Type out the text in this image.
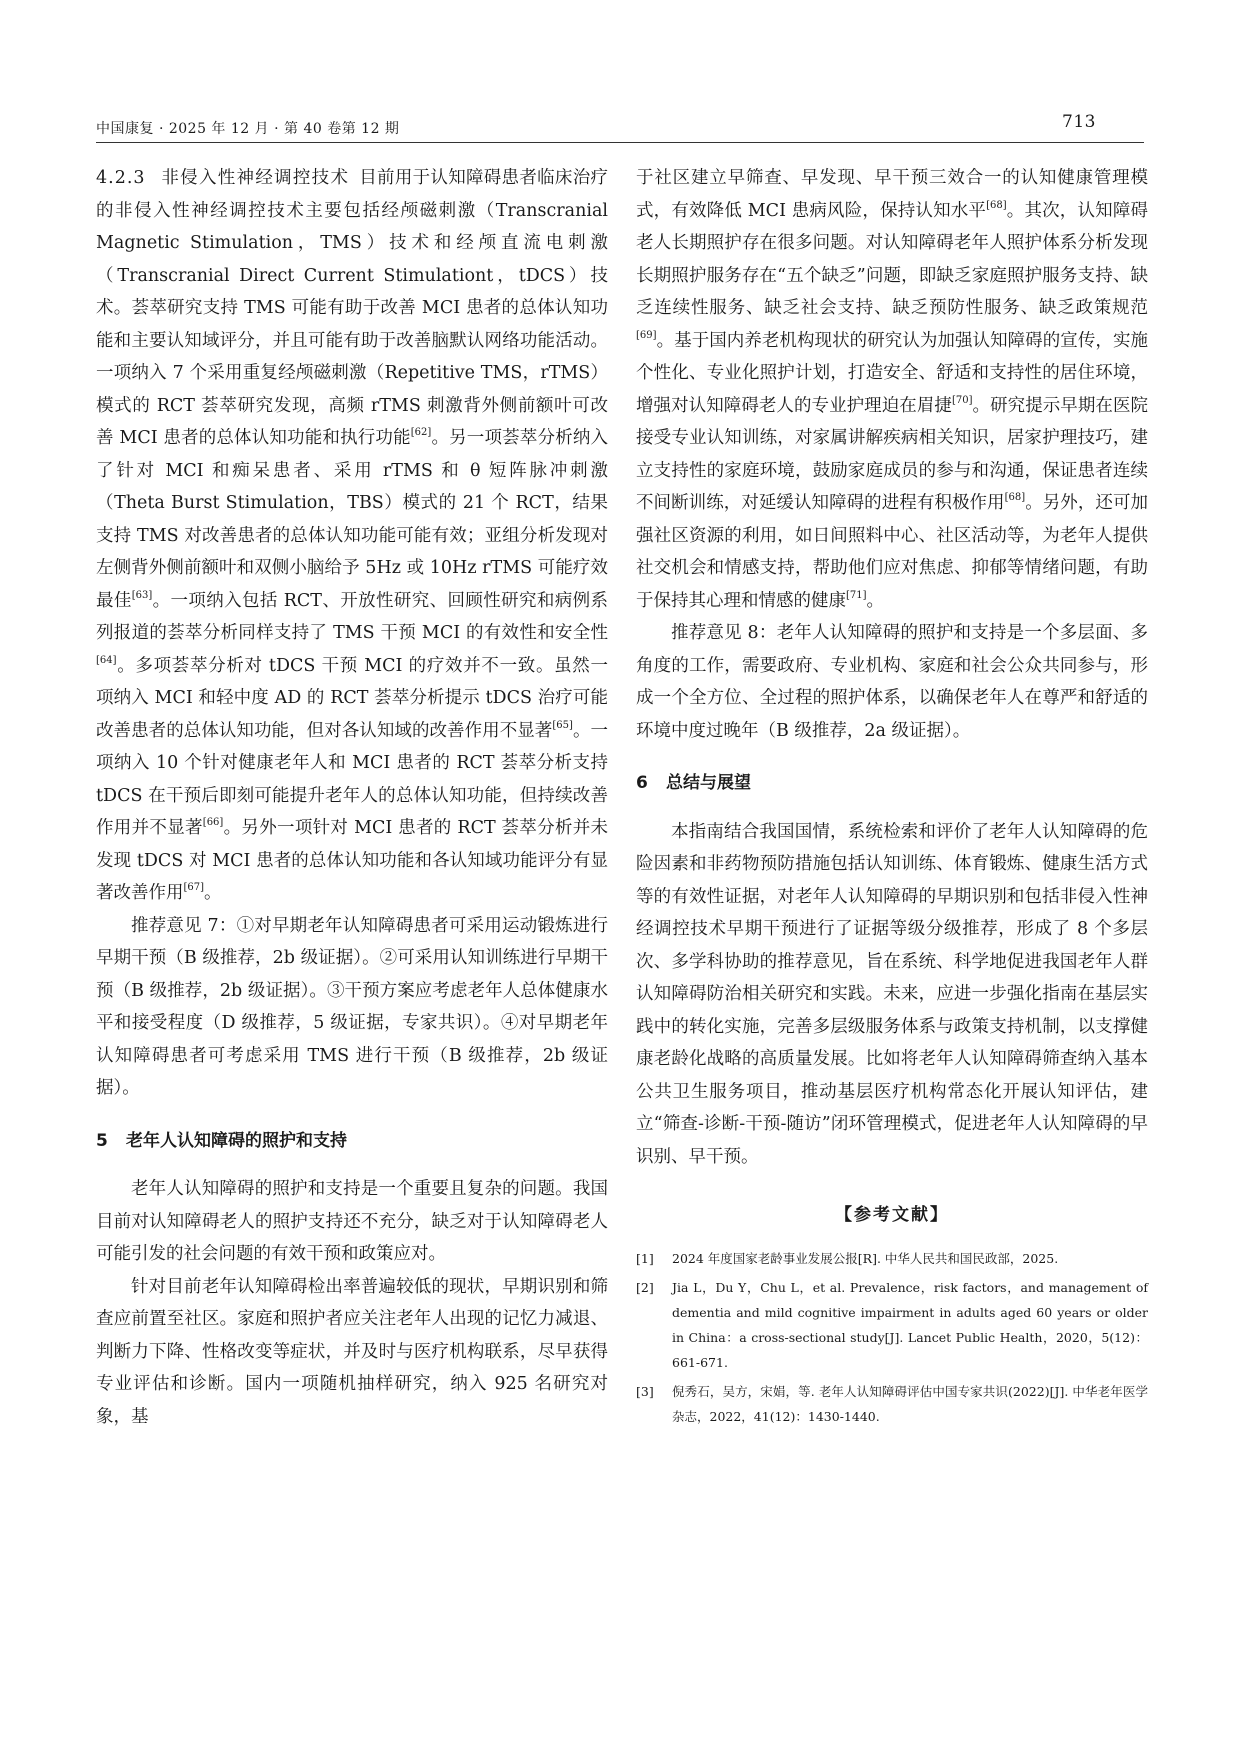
中国康复 · 2025 年 12 月 · 第 40 卷第 12 期	713

4.2.3 非侵入性神经调控技术 目前用于认知障碍患者临床治疗的非侵入性神经调控技术主要包括经颅磁刺激（Transcranial Magnetic Stimulation，TMS）技术和经颅直流电刺激（Transcranial Direct Current Stimulationt，tDCS）技术。荟萃研究支持 TMS 可能有助于改善 MCI 患者的总体认知功能和主要认知域评分，并且可能有助于改善脑默认网络功能活动。一项纳入 7 个采用重复经颅磁刺激（Repetitive TMS，rTMS）模式的 RCT 荟萃研究发现，高频 rTMS 刺激背外侧前额叶可改善 MCI 患者的总体认知功能和执行功能[62]。另一项荟萃分析纳入了针对 MCI 和痴呆患者、采用 rTMS 和 θ 短阵脉冲刺激（Theta Burst Stimulation，TBS）模式的 21 个 RCT，结果支持 TMS 对改善患者的总体认知功能可能有效；亚组分析发现对左侧背外侧前额叶和双侧小脑给予 5Hz 或 10Hz rTMS 可能疗效最佳[63]。一项纳入包括 RCT、开放性研究、回顾性研究和病例系列报道的荟萃分析同样支持了 TMS 干预 MCI 的有效性和安全性[64]。多项荟萃分析对 tDCS 干预 MCI 的疗效并不一致。虽然一项纳入 MCI 和轻中度 AD 的 RCT 荟萃分析提示 tDCS 治疗可能改善患者的总体认知功能，但对各认知域的改善作用不显著[65]。一项纳入 10 个针对健康老年人和 MCI 患者的 RCT 荟萃分析支持 tDCS 在干预后即刻可能提升老年人的总体认知功能，但持续改善作用并不显著[66]。另外一项针对 MCI 患者的 RCT 荟萃分析并未发现 tDCS 对 MCI 患者的总体认知功能和各认知域功能评分有显著改善作用[67]。

推荐意见 7：①对早期老年认知障碍患者可采用运动锻炼进行早期干预（B 级推荐，2b 级证据）。②可采用认知训练进行早期干预（B 级推荐，2b 级证据）。③干预方案应考虑老年人总体健康水平和接受程度（D 级推荐，5 级证据，专家共识）。④对早期老年认知障碍患者可考虑采用 TMS 进行干预（B 级推荐，2b 级证据）。

5 老年人认知障碍的照护和支持

老年人认知障碍的照护和支持是一个重要且复杂的问题。我国目前对认知障碍老人的照护支持还不充分，缺乏对于认知障碍老人可能引发的社会问题的有效干预和政策应对。

针对目前老年认知障碍检出率普遍较低的现状，早期识别和筛查应前置至社区。家庭和照护者应关注老年人出现的记忆力减退、判断力下降、性格改变等症状，并及时与医疗机构联系，尽早获得专业评估和诊断。国内一项随机抽样研究，纳入 925 名研究对象，基

于社区建立早筛查、早发现、早干预三效合一的认知健康管理模式，有效降低 MCI 患病风险，保持认知水平[68]。其次，认知障碍老人长期照护存在很多问题。对认知障碍老年人照护体系分析发现长期照护服务存在“五个缺乏”问题，即缺乏家庭照护服务支持、缺乏连续性服务、缺乏社会支持、缺乏预防性服务、缺乏政策规范[69]。基于国内养老机构现状的研究认为加强认知障碍的宣传，实施个性化、专业化照护计划，打造安全、舒适和支持性的居住环境，增强对认知障碍老人的专业护理迫在眉捷[70]。研究提示早期在医院接受专业认知训练，对家属讲解疾病相关知识，居家护理技巧，建立支持性的家庭环境，鼓励家庭成员的参与和沟通，保证患者连续不间断训练，对延缓认知障碍的进程有积极作用[68]。另外，还可加强社区资源的利用，如日间照料中心、社区活动等，为老年人提供社交机会和情感支持，帮助他们应对焦虑、抑郁等情绪问题，有助于保持其心理和情感的健康[71]。

推荐意见 8：老年人认知障碍的照护和支持是一个多层面、多角度的工作，需要政府、专业机构、家庭和社会公众共同参与，形成一个全方位、全过程的照护体系，以确保老年人在尊严和舒适的环境中度过晚年（B 级推荐，2a 级证据）。

6 总结与展望

本指南结合我国国情，系统检索和评价了老年人认知障碍的危险因素和非药物预防措施包括认知训练、体育锻炼、健康生活方式等的有效性证据，对老年人认知障碍的早期识别和包括非侵入性神经调控技术早期干预进行了证据等级分级推荐，形成了 8 个多层次、多学科协助的推荐意见，旨在系统、科学地促进我国老年人群认知障碍防治相关研究和实践。未来，应进一步强化指南在基层实践中的转化实施，完善多层级服务体系与政策支持机制，以支撑健康老龄化战略的高质量发展。比如将老年人认知障碍筛查纳入基本公共卫生服务项目，推动基层医疗机构常态化开展认知评估，建立“筛查-诊断-干预-随访”闭环管理模式，促进老年人认知障碍的早识别、早干预。

【参考文献】
[1] 2024 年度国家老龄事业发展公报[R]. 中华人民共和国民政部，2025.
[2] Jia L，Du Y，Chu L，et al. Prevalence，risk factors，and management of dementia and mild cognitive impairment in adults aged 60 years or older in China：a cross-sectional study[J]. Lancet Public Health，2020，5(12)：661-671.
[3] 倪秀石，吴方，宋娟，等. 老年人认知障碍评估中国专家共识(2022)[J]. 中华老年医学杂志，2022，41(12)：1430-1440.
